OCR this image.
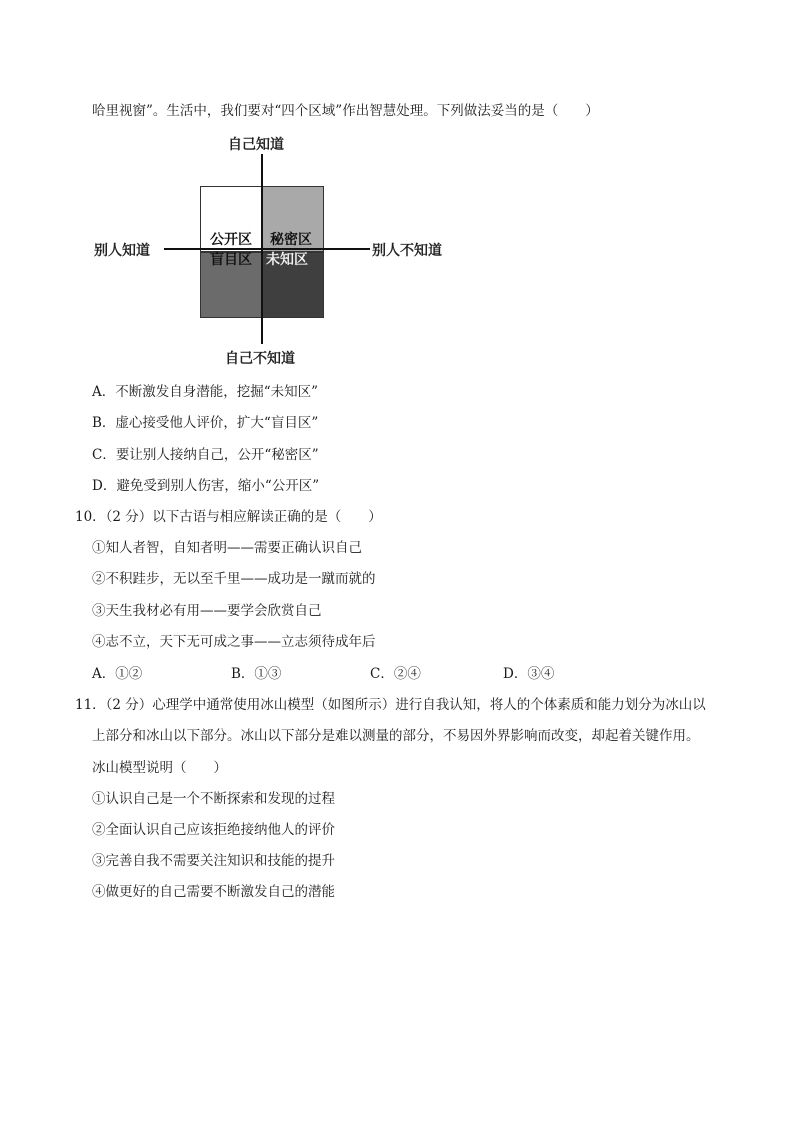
哈里视窗”。生活中，我们要对“四个区域”作出智慧处理。下列做法妥当的是（　　）
自己知道
自己不知道
别人知道	别人不知道
公开区 秘密区
盲目区 未知区
A．不断激发自身潜能，挖掘“未知区”
B．虚心接受他人评价，扩大“盲目区”
C．要让别人接纳自己，公开“秘密区”
D．避免受到别人伤害，缩小“公开区”
10．（2 分）以下古语与相应解读正确的是（　　）
①知人者智，自知者明——需要正确认识自己
②不积跬步，无以至千里——成功是一蹴而就的
③天生我材必有用——要学会欣赏自己
④志不立，天下无可成之事——立志须待成年后
A．①②	B．①③	C．②④	D．③④
11．（2 分）心理学中通常使用冰山模型（如图所示）进行自我认知，将人的个体素质和能力划分为冰山以
上部分和冰山以下部分。冰山以下部分是难以测量的部分，不易因外界影响而改变，却起着关键作用。
冰山模型说明（　　）
①认识自己是一个不断探索和发现的过程
②全面认识自己应该拒绝接纳他人的评价
③完善自我不需要关注知识和技能的提升
④做更好的自己需要不断激发自己的潜能
